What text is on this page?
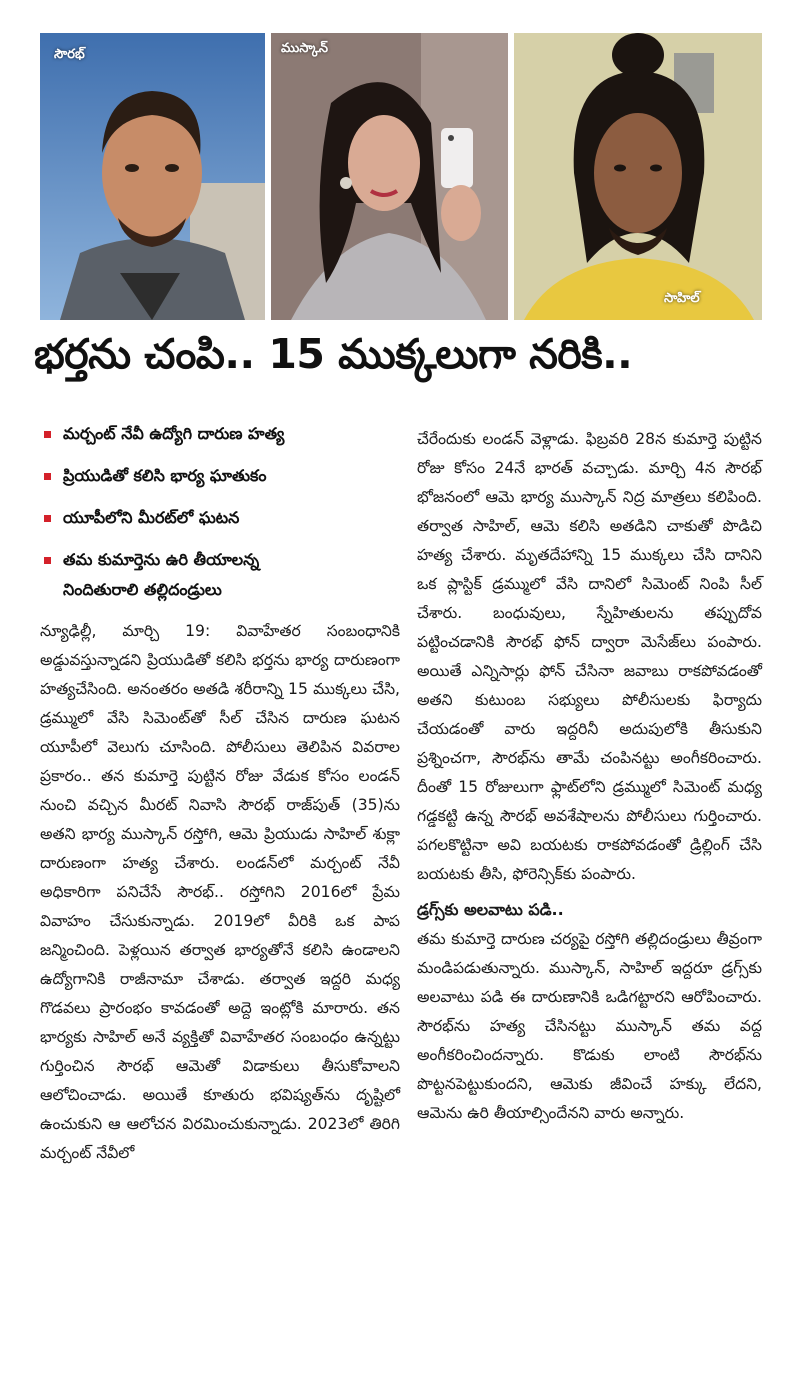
సౌరభ్	ముస్కాన్
సాహిల్
భర్తను చంపి.. 15 ముక్కలుగా నరికి..
మర్చంట్ నేవీ ఉద్యోగి దారుణ హత్య
ప్రియుడితో కలిసి భార్య ఘాతుకం
యూపీలోని మీరట్‌లో ఘటన
తమ కుమార్తెను ఉరి తీయాలన్న
నిందితురాలి తల్లిదండ్రులు

న్యూఢిల్లీ, మార్చి 19: వివాహేతర సంబంధానికి అడ్డువస్తున్నాడని ప్రియుడితో కలిసి భర్తను భార్య దారుణంగా హత్యచేసింది. అనంతరం అతడి శరీరాన్ని 15 ముక్కలు చేసి, డ్రమ్ములో వేసి సిమెంట్‌తో సీల్ చేసిన దారుణ ఘటన యూపీలో వెలుగు చూసింది. పోలీసులు తెలిపిన వివరాల ప్రకారం.. తన కుమార్తె పుట్టిన రోజు వేడుక కోసం లండన్ నుంచి వచ్చిన మీరట్ నివాసి సౌరభ్ రాజ్‌పుత్ (35)ను అతని భార్య ముస్కాన్ రస్తోగి, ఆమె ప్రియుడు సాహిల్ శుక్లా దారుణంగా హత్య చేశారు. లండన్‌లో మర్చంట్ నేవీ అధికారిగా పనిచేసే సౌరభ్.. రస్తోగిని 2016లో ప్రేమ వివాహం చేసుకున్నాడు. 2019లో వీరికి ఒక పాప జన్మించింది. పెళ్లయిన తర్వాత భార్యతోనే కలిసి ఉండాలని ఉద్యోగానికి రాజీనామా చేశాడు. తర్వాత ఇద్దరి మధ్య గొడవలు ప్రారంభం కావడంతో అద్దె ఇంట్లోకి మారారు. తన భార్యకు సాహిల్ అనే వ్యక్తితో వివాహేతర సంబంధం ఉన్నట్టు గుర్తించిన సౌరభ్ ఆమెతో విడాకులు తీసుకోవాలని ఆలోచించాడు. అయితే కూతురు భవిష్యత్‌ను దృష్టిలో ఉంచుకుని ఆ ఆలోచన విరమించుకున్నాడు. 2023లో తిరిగి మర్చంట్ నేవీలో

చేరేందుకు లండన్ వెళ్లాడు. ఫిబ్రవరి 28న కుమార్తె పుట్టిన రోజు కోసం 24నే భారత్ వచ్చాడు. మార్చి 4న సౌరభ్ భోజనంలో ఆమె భార్య ముస్కాన్ నిద్ర మాత్రలు కలిపింది. తర్వాత సాహిల్, ఆమె కలిసి అతడిని చాకుతో పొడిచి హత్య చేశారు. మృతదేహాన్ని 15 ముక్కలు చేసి దానిని ఒక ప్లాస్టిక్ డ్రమ్ములో వేసి దానిలో సిమెంట్ నింపి సీల్ చేశారు. బంధువులు, స్నేహితులను తప్పుదోవ పట్టించడానికి సౌరభ్ ఫోన్ ద్వారా మెసేజ్‌లు పంపారు. అయితే ఎన్నిసార్లు ఫోన్ చేసినా జవాబు రాకపోవడంతో అతని కుటుంబ సభ్యులు పోలీసులకు ఫిర్యాదు చేయడంతో వారు ఇద్దరినీ అదుపులోకి తీసుకుని ప్రశ్నించగా, సౌరభ్‌ను తామే చంపినట్టు అంగీకరించారు. దీంతో 15 రోజులుగా ఫ్లాట్‌లోని డ్రమ్ములో సిమెంట్ మధ్య గడ్డకట్టి ఉన్న సౌరభ్ అవశేషాలను పోలీసులు గుర్తించారు. పగలకొట్టినా అవి బయటకు రాకపోవడంతో డ్రిల్లింగ్ చేసి బయటకు తీసి, ఫోరెన్సిక్‌కు పంపారు.

డ్రగ్స్‌కు అలవాటు పడి..

తమ కుమార్తె దారుణ చర్యపై రస్తోగి తల్లిదండ్రులు తీవ్రంగా మండిపడుతున్నారు. ముస్కాన్, సాహిల్ ఇద్దరూ డ్రగ్స్‌కు అలవాటు పడి ఈ దారుణానికి ఒడిగట్టారని ఆరోపించారు. సౌరభ్‌ను హత్య చేసినట్టు ముస్కాన్ తమ వద్ద అంగీకరించిందన్నారు. కొడుకు లాంటి సౌరభ్‌ను పొట్టనపెట్టుకుందని, ఆమెకు జీవించే హక్కు లేదని, ఆమెను ఉరి తీయాల్సిందేనని వారు అన్నారు.
